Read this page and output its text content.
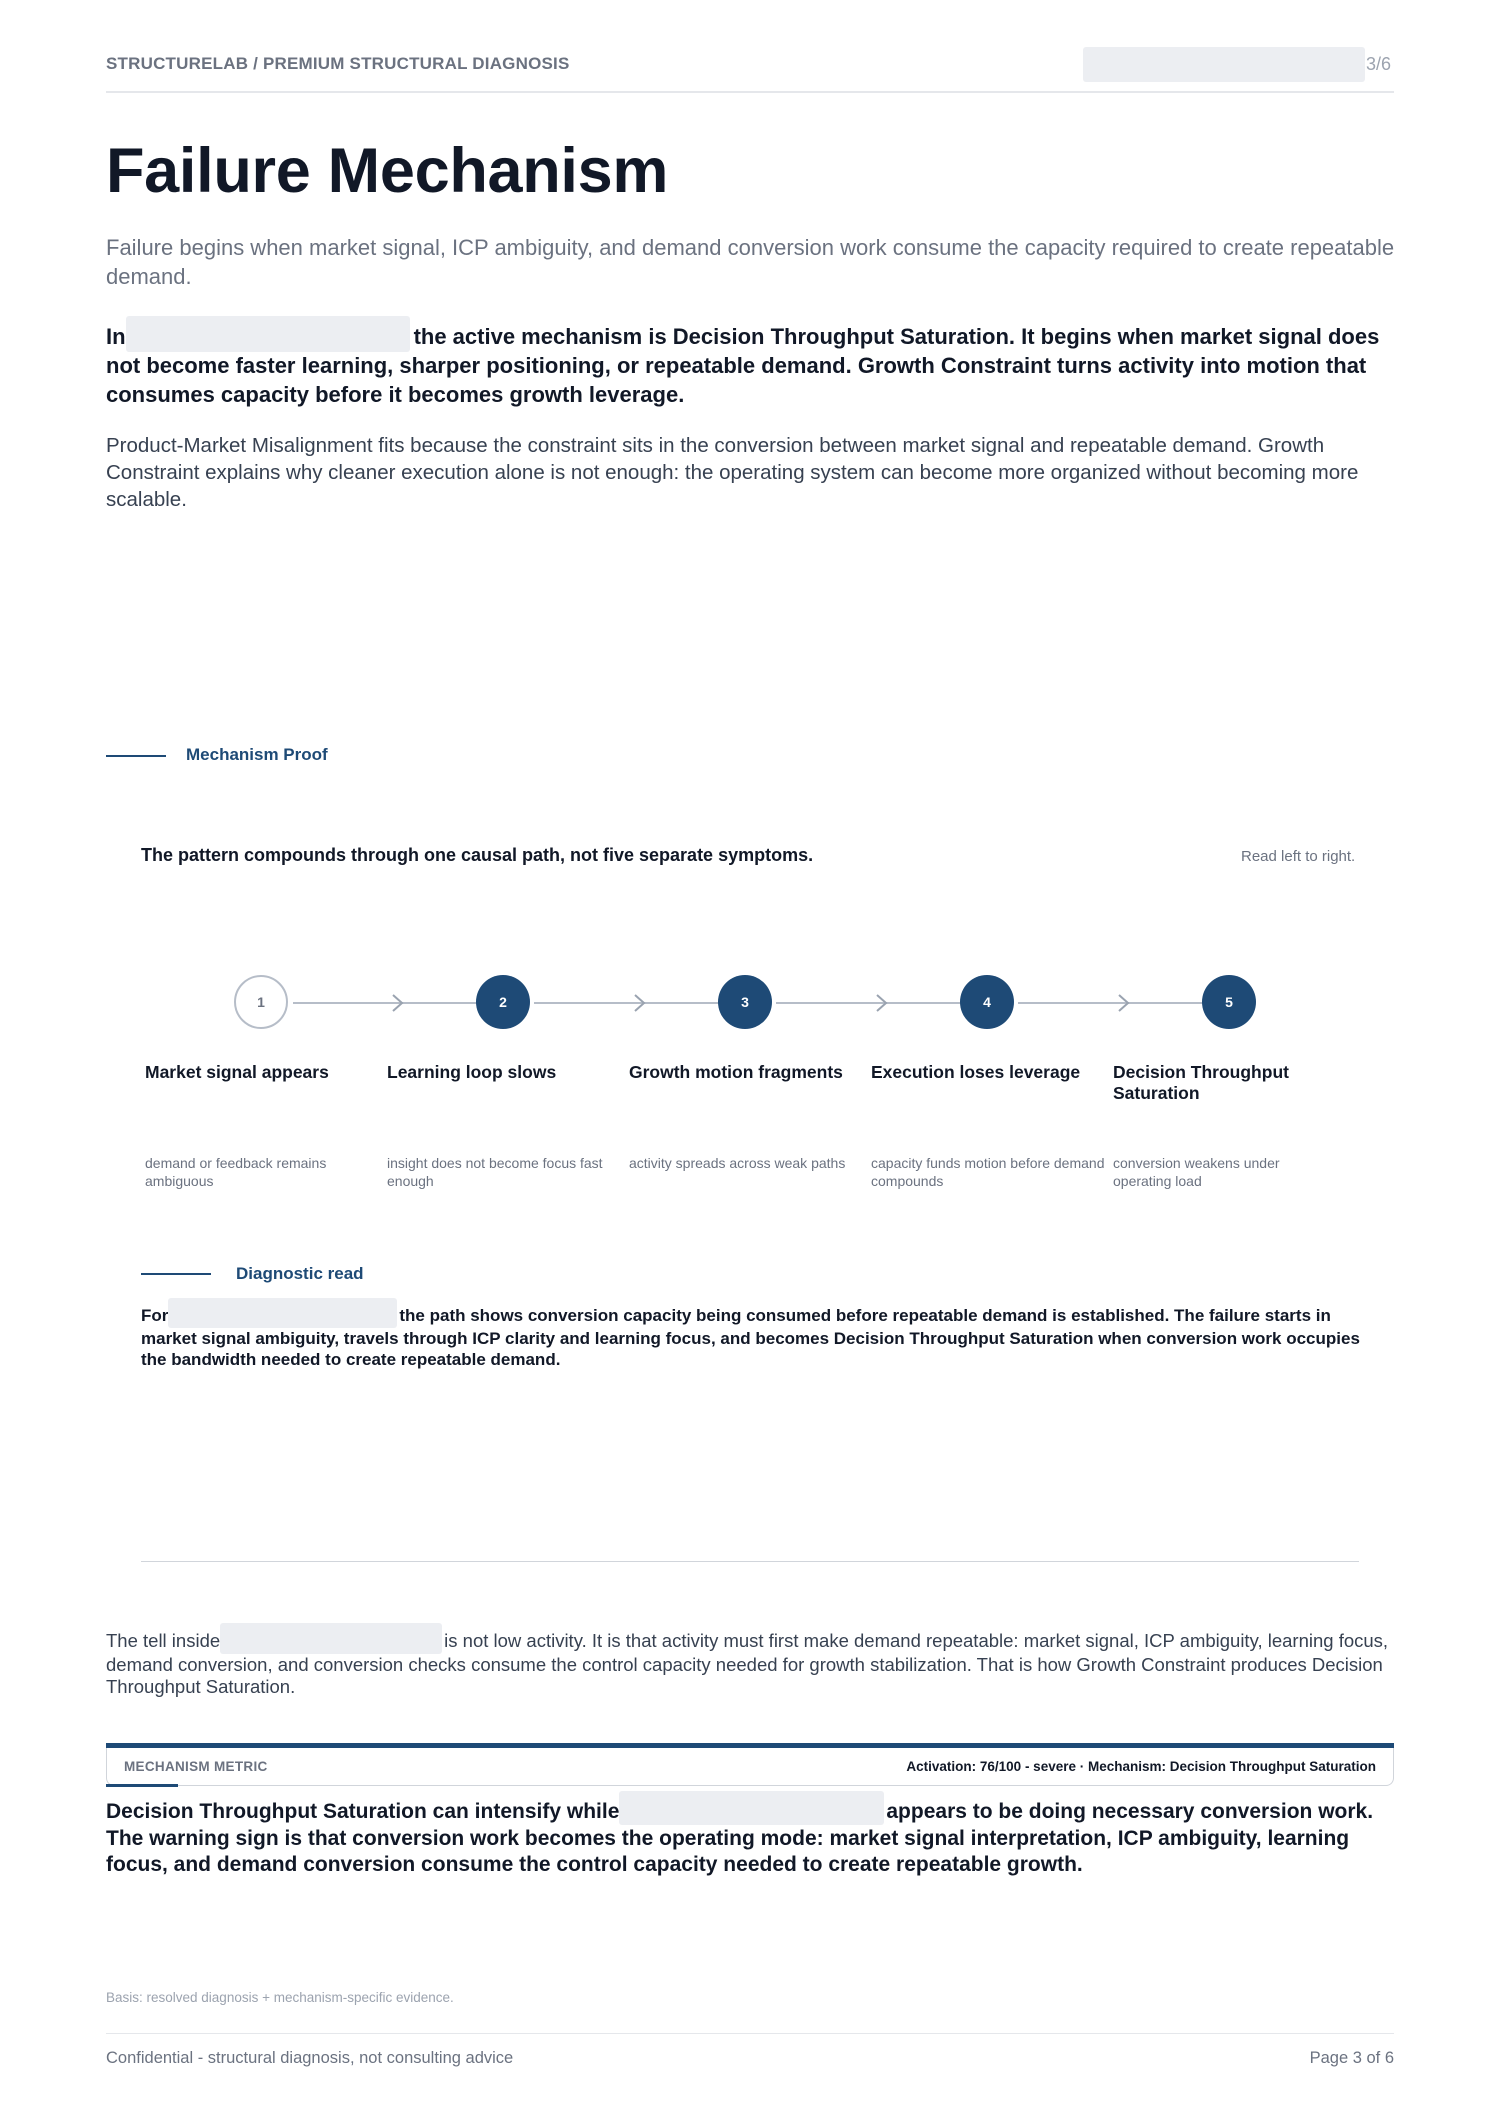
STRUCTURELAB / PREMIUM STRUCTURAL DIAGNOSIS	3/6
Failure Mechanism

Failure begins when market signal, ICP ambiguity, and demand conversion work consume the capacity required to create repeatable demand.

In	the active mechanism is Decision Throughput Saturation. It begins when market signal does not become faster learning, sharper positioning, or repeatable demand. Growth Constraint turns activity into motion that consumes capacity before it becomes growth leverage.

Product-Market Misalignment fits because the constraint sits in the conversion between market signal and repeatable demand. Growth Constraint explains why cleaner execution alone is not enough: the operating system can become more organized without becoming more scalable.

Mechanism Proof
The pattern compounds through one causal path, not five separate symptoms.	Read left to right.
1
Market signal appears
demand or feedback remains ambiguous
2
Learning loop slows
insight does not become focus fast enough
3
Growth motion fragments
activity spreads across weak paths
4
Execution loses leverage
capacity funds motion before demand compounds
5
Decision Throughput Saturation
conversion weakens under operating load
Diagnostic read

For	the path shows conversion capacity being consumed before repeatable demand is established. The failure starts in market signal ambiguity, travels through ICP clarity and learning focus, and becomes Decision Throughput Saturation when conversion work occupies the bandwidth needed to create repeatable demand.

The tell inside	is not low activity. It is that activity must first make demand repeatable: market signal, ICP ambiguity, learning focus, demand conversion, and conversion checks consume the control capacity needed for growth stabilization. That is how Growth Constraint produces Decision Throughput Saturation.

MECHANISM METRIC	Activation: 76/100 - severe · Mechanism: Decision Throughput Saturation

Decision Throughput Saturation can intensify while	appears to be doing necessary conversion work. The warning sign is that conversion work becomes the operating mode: market signal interpretation, ICP ambiguity, learning focus, and demand conversion consume the control capacity needed to create repeatable growth.

Basis: resolved diagnosis + mechanism-specific evidence.
Confidential - structural diagnosis, not consulting advice	Page 3 of 6
